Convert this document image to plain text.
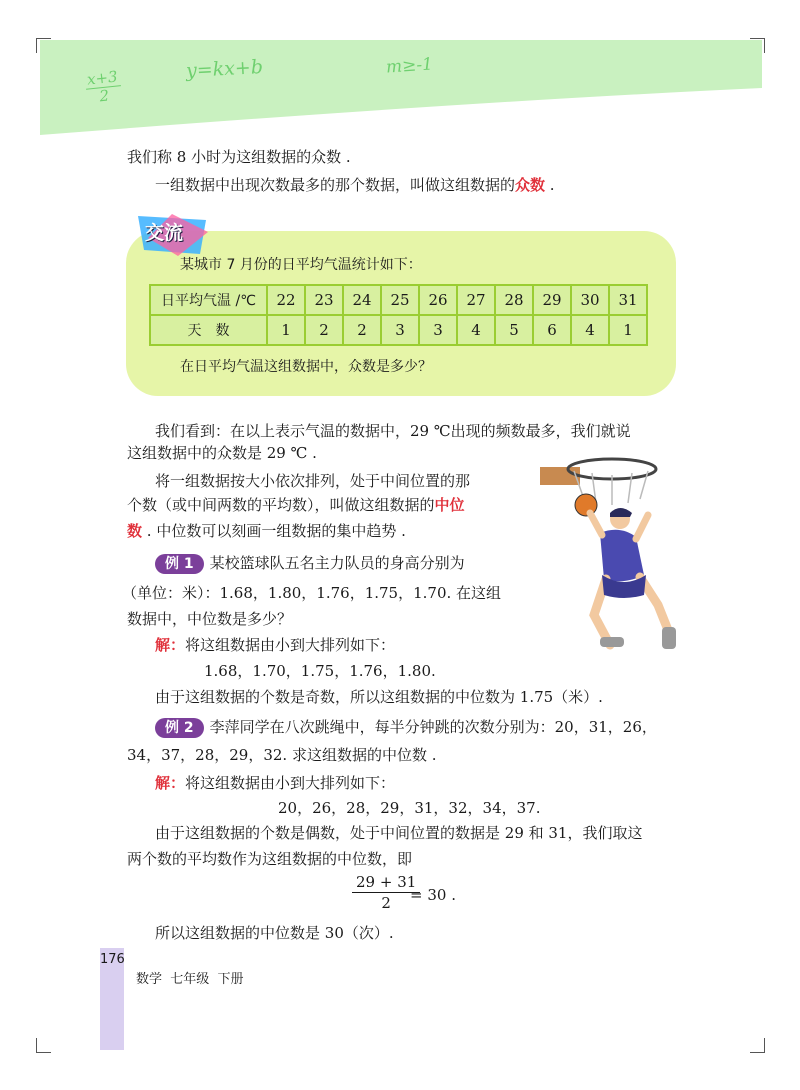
$\frac{x+3}{2}$	y=kx+b	m≥-1
我们称 8 小时为这组数据的众数 .
一组数据中出现次数最多的那个数据，叫做这组数据的众数 .
交流
某城市 7 月份的日平均气温统计如下：
日平均气温 /℃	22	23	24	25	26	27	28	29	30	31
天　数	1	2	2	3	3	4	5	6	4	1
在日平均气温这组数据中，众数是多少？
我们看到：在以上表示气温的数据中，29 ℃出现的频数最多，我们就说
这组数据中的众数是 29 ℃ .
将一组数据按大小依次排列，处于中间位置的那
个数（或中间两数的平均数），叫做这组数据的中位
数 . 中位数可以刻画一组数据的集中趋势 .
例 1 某校篮球队五名主力队员的身高分别为
（单位：米）：1.68，1.80，1.76，1.75，1.70. 在这组
数据中，中位数是多少？
解：将这组数据由小到大排列如下：
1.68，1.70，1.75，1.76，1.80.
由于这组数据的个数是奇数，所以这组数据的中位数为 1.75（米）.
例 2 李萍同学在八次跳绳中，每半分钟跳的次数分别为：20，31，26，
34，37，28，29，32. 求这组数据的中位数 .
解：将这组数据由小到大排列如下：
20，26，28，29，31，32，34，37.
由于这组数据的个数是偶数，处于中间位置的数据是 29 和 31，我们取这
两个数的平均数作为这组数据的中位数，即
$\frac{29 + 31}{2}$
= 30 .
所以这组数据的中位数是 30（次）.
176
数学  七年级  下册
